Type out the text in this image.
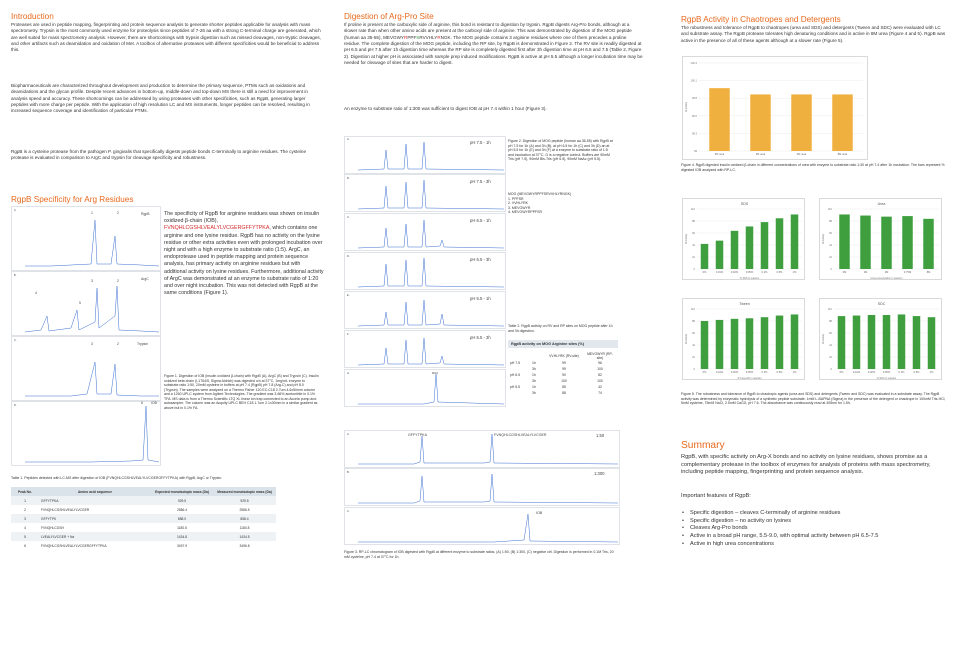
Introduction
Proteases are used in peptide mapping, fingerprinting and protein sequence analysis to generate shorter peptides applicable for analysis with mass spectrometry. Trypsin is the most commonly used enzyme for proteolysis since peptides of 7-26 aa with a strong C-terminal charge are generated, which are well suited for mass spectrometry analysis. However, there are shortcomings with trypsin digestion such as missed cleavages, non-tryptic cleavages, and other artifacts such as deamidation and oxidation of Met. A toolbox of alternative proteases with different specificities would be beneficial to address this.
Biopharmaceuticals are characterized throughout development and production to determine the primary sequence, PTMs such as oxidations and deamidations and the glycan profile. Despite recent advances in bottom-up, middle-down and top-down MS there is still a need for improvement in analysis speed and accuracy. These shortcomings can be addressed by using proteases with other specificities, such as RgpB, generating larger peptides with more charge per peptide. With the application of high resolution LC and MS instruments, longer peptides can be resolved, resulting in increased sequence coverage and identification of particular PTMs.
RgpB is a cysteine protease from the pathogen P. gingivalis that specifically digests peptide bonds C-terminally to arginine residues. The cysteine protease is evaluated in comparison to ArgC and trypsin for cleavage specificity and robustness.
RgpB Specificity for Arg Residues
A.
RgpB
1	2
B.
ArgC
4
3	2
5
C.
Trypsin
3	2
D.
IOB
6
The specificity of RgpB for arginine residues was shown on insulin oxidized β-chain (IOB), FVNQHLCGSHLVEALYLVCGERGFFYTPKA, which contains one arginine and one lysine residue. RgpB has no activity on the lysine residue or other extra activities even with prolonged incubation over night and with a high enzyme to substrate ratio (1:5). ArgC, an endoprotease used in peptide mapping and protein sequence analysis, has primary activity on arginine residues but with additional activity on lysine residues. Furthermore, additional activity of ArgC was demonstrated at an enzyme to substrate ratio of 1:20 and over night incubation. This was not detected with RgpB at the same conditions (Figure 1).
Figure 1. Digestion of IOB (insulin oxidized β-chain) with RgpB (A), ArgC (B) and Trypsin (C). Insulin oxidized beta chain (I-1764/5, Sigma Aldrich) was digested o/n at 37°C, 1mg/mL enzyme to substrate ratio 1:50, 20mM cysteine in buffers at pH 7.4 (RgpB) pH 7.8 (Arg-C) and pH 8.0 (Trypsin). The samples were analyzed on a Thermo Fisher 120 EC-C18 2.7um 4.6x50mm column and a 1260 UPLC system from Agilent Technologies. The gradient was 3-66% acetonitrile in 0.1% TFA. MS data is from a Thermo Scientific LTQ XL linear ion trap connected to an Accela pump and autosampler. The column was an Acquity UPLC BEH C18 1.7um 2.1x30mm in a similar gradient as above but in 0.1% FA.
Table 1. Peptides detected with LC-MS after digestion of IOB (FVNQHLCGSHLVEALYLVCGERGFFYTPKA) with RgpB, ArgC or Trypsin.
Peak No.	Amino acid sequence	Expected monoisotopic mass (Da)	Measured monoisotopic mass (Da)
1	GFFYTPKA	929.5	929.5
2	FVNQHLCGSHLVEALYLVCGER	2586.4	2586.5
3	GFFYTPK	858.0	858.4
4	FVNQHLCGSH	1180.5	1180.8
5	LVEALYLVCGER + Na	1434.8	1434.5
6	FVNQHLCGSHLVEALYLVCGERGFFYTPKA	3497.9	3496.8
Digestion of Arg-Pro Site
If proline is present at the carboxylic side of arginine, this bond is resistant to digestion by trypsin. RgpB digests Arg-Pro bonds, although at a slower rate than when other amino acids are present at the carboxyl side of arginine. This was demonstrated by digestion of the MOG peptide (human aa 35-55), MEVGWYRPPFSRVVHLYRNGK. The MOG peptide contains 3 arginine residues where one of them precedes a proline residue. The complete digestion of the MOG peptide, including the RP site, by RgpB is demonstrated in Figure 2. The RV site is readily digested at pH 6.5 and pH 7.5 after 1h digestion time whereas the RP site is completely digested first after 3h digestion time at pH 6.5 and 7.5 (Table 2, Figure 2). Digestion at higher pH is associated with sample prep induced modifications. RgpB is active at pH 5.5 although a longer incubation time may be needed for cleavage of sites that are harder to digest.
An enzyme to substrate ratio of 1:300 was sufficient to digest IOB at pH 7.4 within 1 hour (Figure 3).
A.
pH 7.5 - 1h
B.
pH 7.5 - 3h
C.
pH 6.5 - 1h
D.
pH 6.5 - 3h
E.
pH 5.5 - 1h
F.
pH 5.5 - 3h
G.	MOG
Figure 2. Digestion of MOG peptide (human aa 35-55) with RgpB at pH 7.5 for 1h (A) and 3h (B), at pH 6.5 for 1h (C) and 3h (D) an at pH 5.5 for 1h (E) and 3h (F) at a enzyme to substrate ratio of 1:5 and incubation at 37°C. G is a negative control. Buffers are 90mM Tris (pH 7.5), 90mM Bis-Tris (pH 6.5), 90mM NaAc (pH 5.5).
MOG (MEVGWYRPPFSRVVHLYRNGK)
1. PPFSR
2. VVHLYRK
3. MEVGWYR
4. MEVGWYRPPFSR
Table 2. RgpB activity on RV and RP sites on MOG peptide after 1h and 3h digestion.
RgpB activity on MOG Arginine sites (%)
		VVHLYRK (RV-site)	MEVGWYR (RP-site)
pH 7.5	1h	99	96
	3h	99	100
pH 6.5	1h	90	82
	3h	100	100
pH 5.5	1h	85	42
	3h	88	74
A.	GFFYTPKA	FVNQHLCGSHLVEALYLVCGER	1:50
B.	1:300
C.	IOB
Figure 3. RP-LC chromatogram of IOB digested with RgpB at different enzyme to substrate ratios, (A) 1:50, (B) 1:300, (C) negative ctrl. Digestion is performed in 0.1M Tris, 20 mM cysteine, pH 7.4 at 37°C for 1h.
RgpB Activity in Chaotropes and Detergents
The robustness and tolerance of RgpB to chaotropes (urea and SDS) and detergents (Tween and SDC) were evaluated with LC and substrate assay. The RgpB protease tolerates high denaturing conditions and is active in 8M urea (Figure 4 and 5). RgpB was active in the presence of all of these agents although at a slower rate (Figure 5).
99
99.3
99.6
99.8
100.1
100.4
0M urea	2M urea	4M urea	8M urea
% activity
Figure 4. RgpB digested insulin oxidized β-chain in different concentrations of urea with enzyme to substrate ratio 1:30 at pH 7.4 after 1h incubation. The bars represent % digested IOB analyzed with RP-LC.
0
22
44
66
88
110
0%	0.01%	0.02%	0.05%	0.1%	0.5%	1%
SDS
% SDS in reaction
% Activity
0
22
44
66
88
110
0M	1M	2M	3.75M	8M
Urea
Urea concentration in reaction
% Activity
0
22
44
66
88
110
0%	0.01%	0.02%	0.05%	0.1%	0.5%	1%
Tween
% Tween20 in reaction
% Activity
0
22
44
66
88
110
0%	0.01%	0.02%	0.05%	0.1%	0.5%	1%
SDC
% SDC in reaction
% Activity
Figure 5. The robustness and tolerance of RgpB to chaotropic agents (urea and SDS) and detergents (Tween and SDC) was evaluated in a substrate assay. The RgpB activity was determined by enzymatic hydrolysis of a synthetic peptide substrate. 1mM L-BAPNA (Sigma) in the presence of the detergent or chaotrope in 100mM Tris-HCl, 5mM cysteine, 75mM NaCl, 2.5mM CaCl2, pH 7.6. The absorbance was continuously read at 405nm for 1.5h.
Summary
RgpB, with specific activity on Arg-X bonds and no activity on lysine residues, shows promise as a complementary protease in the toolbox of enzymes for analysis of proteins with mass spectrometry, including peptide mapping, fingerprinting and protein sequence analysis.
Important features of RgpB:
• Specific digestion – cleaves C-terminally of arginine residues
• Specific digestion – no activity on lysines
• Cleaves Arg-Pro bonds
• Active in a broad pH range, 5.5-9.0, with optimal activity between pH 6.5-7.5
• Active in high urea concentrations
